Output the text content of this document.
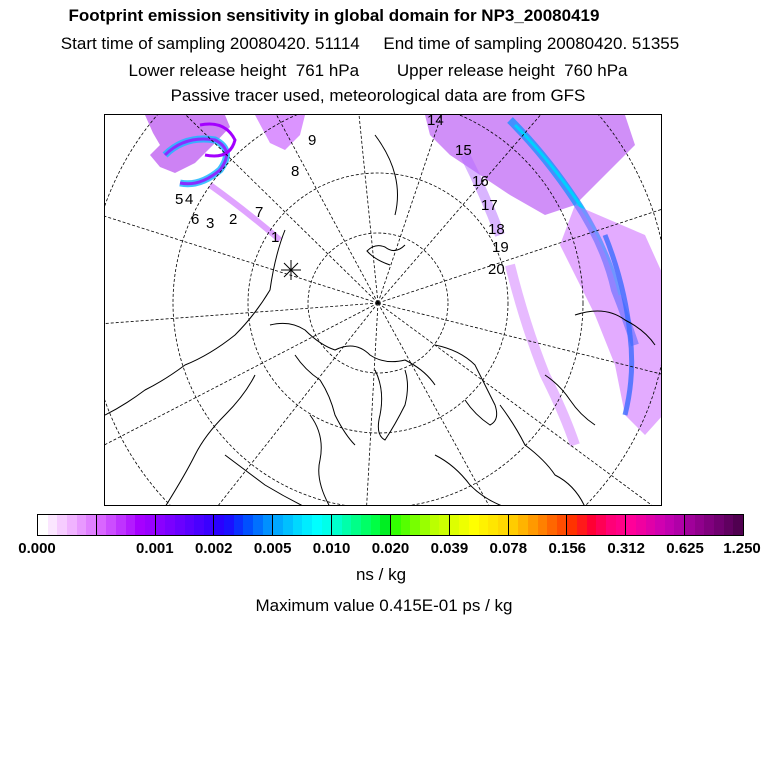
Footprint emission sensitivity in global domain for NP3_20080419
Start time of sampling 20080420. 51114     End time of sampling 20080420. 51355
Lower release height  761 hPa        Upper release height  760 hPa
Passive tracer used, meteorological data are from GFS
14
15
16
17
18
19
20
9
8
7
1
2
3
6
5 4
0.000	0.001 0.002 0.005 0.010 0.020 0.039 0.078 0.156 0.312 0.625 1.250
ns / kg
Maximum value 0.415E-01 ps / kg
